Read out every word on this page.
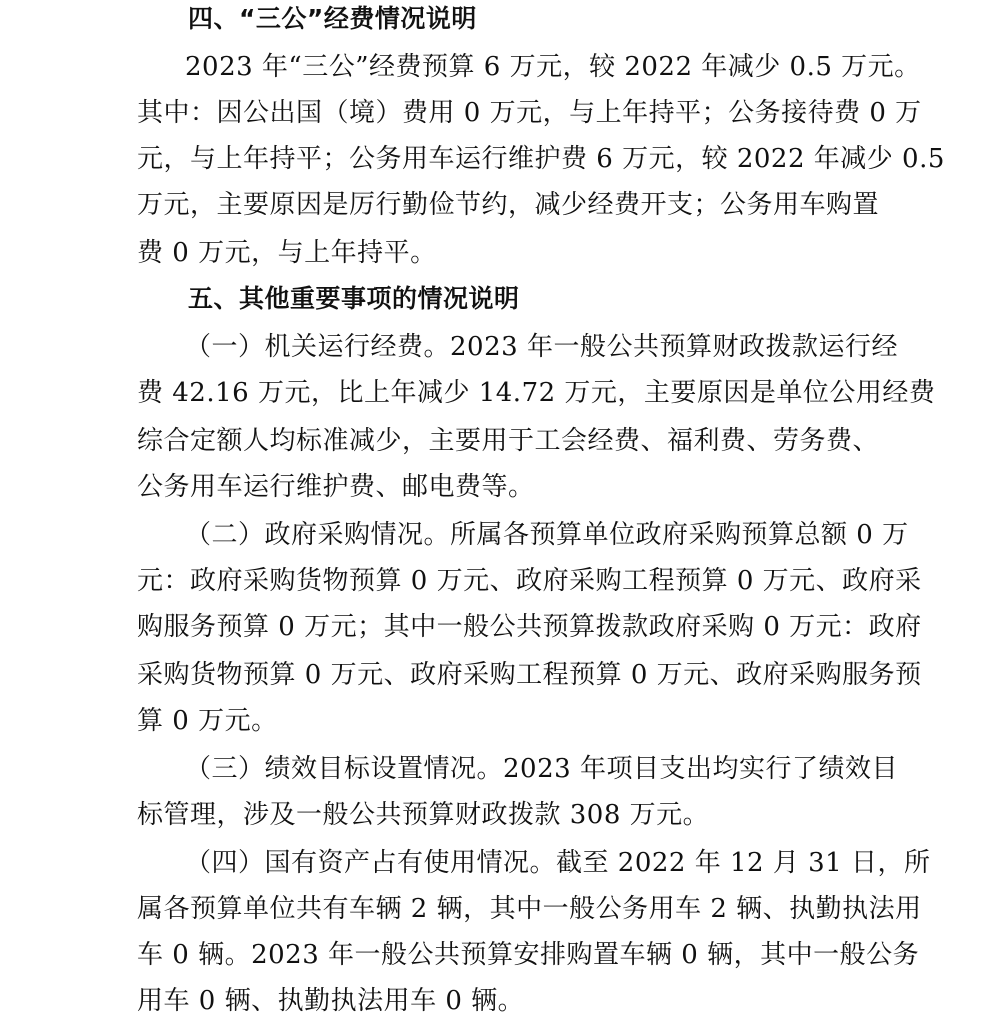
四、“三公”经费情况说明
2023 年“三公”经费预算 6 万元，较 2022 年减少 0.5 万元。
其中：因公出国（境）费用 0 万元，与上年持平；公务接待费 0 万
元，与上年持平；公务用车运行维护费 6 万元，较 2022 年减少 0.5
万元，主要原因是厉行勤俭节约，减少经费开支；公务用车购置
费 0 万元，与上年持平。
五、其他重要事项的情况说明
（一）机关运行经费。2023 年一般公共预算财政拨款运行经
费 42.16 万元，比上年减少 14.72 万元，主要原因是单位公用经费
综合定额人均标准减少，主要用于工会经费、福利费、劳务费、
公务用车运行维护费、邮电费等。
（二）政府采购情况。所属各预算单位政府采购预算总额 0 万
元：政府采购货物预算 0 万元、政府采购工程预算 0 万元、政府采
购服务预算 0 万元；其中一般公共预算拨款政府采购 0 万元：政府
采购货物预算 0 万元、政府采购工程预算 0 万元、政府采购服务预
算 0 万元。
（三）绩效目标设置情况。2023 年项目支出均实行了绩效目
标管理，涉及一般公共预算财政拨款 308 万元。
（四）国有资产占有使用情况。截至 2022 年 12 月 31 日，所
属各预算单位共有车辆 2 辆，其中一般公务用车 2 辆、执勤执法用
车 0 辆。2023 年一般公共预算安排购置车辆 0 辆，其中一般公务
用车 0 辆、执勤执法用车 0 辆。
